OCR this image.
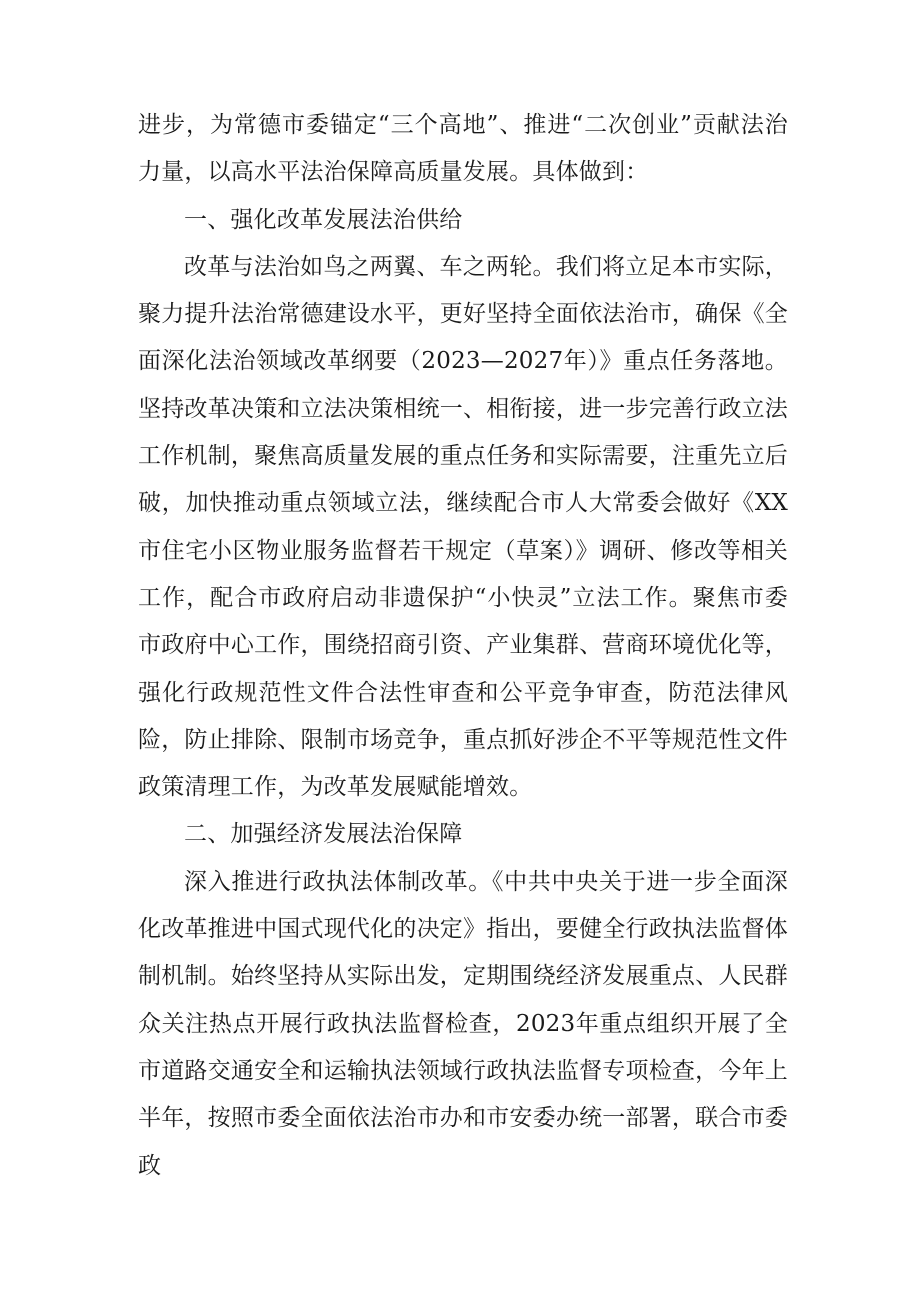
进步，为常德市委锚定“三个高地”、推进“二次创业”贡献法治力量，以高水平法治保障高质量发展。具体做到：

一、强化改革发展法治供给

改革与法治如鸟之两翼、车之两轮。我们将立足本市实际，聚力提升法治常德建设水平，更好坚持全面依法治市，确保《全面深化法治领域改革纲要（2023—2027年）》重点任务落地。坚持改革决策和立法决策相统一、相衔接，进一步完善行政立法工作机制，聚焦高质量发展的重点任务和实际需要，注重先立后破，加快推动重点领域立法，继续配合市人大常委会做好《XX市住宅小区物业服务监督若干规定（草案）》调研、修改等相关工作，配合市政府启动非遗保护“小快灵”立法工作。聚焦市委市政府中心工作，围绕招商引资、产业集群、营商环境优化等，强化行政规范性文件合法性审查和公平竞争审查，防范法律风险，防止排除、限制市场竞争，重点抓好涉企不平等规范性文件政策清理工作，为改革发展赋能增效。

二、加强经济发展法治保障

深入推进行政执法体制改革。《中共中央关于进一步全面深化改革推进中国式现代化的决定》指出，要健全行政执法监督体制机制。始终坚持从实际出发，定期围绕经济发展重点、人民群众关注热点开展行政执法监督检查，2023年重点组织开展了全市道路交通安全和运输执法领域行政执法监督专项检查，今年上半年，按照市委全面依法治市办和市安委办统一部署，联合市委政
